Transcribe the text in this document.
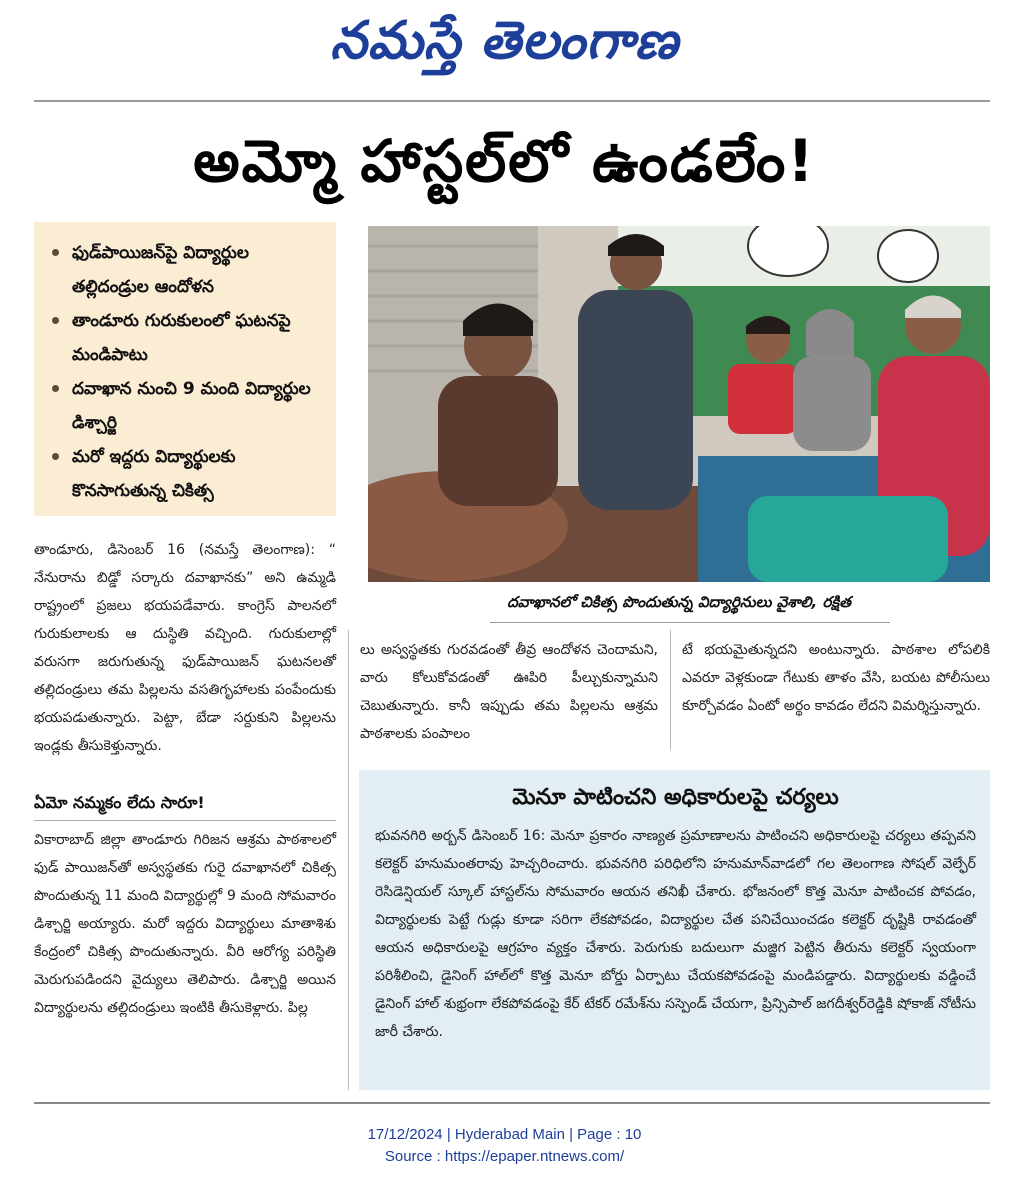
నమస్తే తెలంగాణ
అమ్మో హాస్టల్‌లో ఉండలేం!
ఫుడ్‌పాయిజన్‌పై విద్యార్థుల తల్లిదండ్రుల ఆందోళన
తాండూరు గురుకులంలో ఘటనపై మండిపాటు
దవాఖాన నుంచి 9 మంది విద్యార్థుల డిశ్చార్జి
మరో ఇద్దరు విద్యార్థులకు కొనసాగుతున్న చికిత్స
దవాఖానలో చికిత్స పొందుతున్న విద్యార్థినులు వైశాలి, రక్షిత
తాండూరు, డిసెంబర్ 16 (నమస్తే తెలంగాణ): “ నేనురాను బిడ్డో సర్కారు దవాఖానకు” అని ఉమ్మడి రాష్ట్రంలో ప్రజలు భయపడేవారు. కాంగ్రెస్ పాలనలో గురుకులాలకు ఆ దుస్థితి వచ్చింది. గురుకులాల్లో వరుసగా జరుగుతున్న ఫుడ్‌పాయిజన్ ఘటనలతో తల్లిదండ్రులు తమ పిల్లలను వసతిగృహాలకు పంపేందుకు భయపడుతున్నారు. పెట్టా, బేడా సర్దుకుని పిల్లలను ఇండ్లకు తీసుకెళ్తున్నారు.
ఏమో నమ్మకం లేదు సారూ!
వికారాబాద్ జిల్లా తాండూరు గిరిజన ఆశ్రమ పాఠశాలలో ఫుడ్ పాయిజన్‌తో అస్వస్థతకు గురై దవాఖానలో చికిత్స పొందుతున్న 11 మంది విద్యార్థుల్లో 9 మంది సోమవారం డిశ్చార్జి అయ్యారు. మరో ఇద్దరు విద్యార్థులు మాతాశిశు కేంద్రంలో చికిత్స పొందుతున్నారు. వీరి ఆరోగ్య పరిస్థితి మెరుగుపడిందని వైద్యులు తెలిపారు. డిశ్చార్జి అయిన విద్యార్థులను తల్లిదండ్రులు ఇంటికి తీసుకెళ్లారు. పిల్ల
లు అస్వస్థతకు గురవడంతో తీవ్ర ఆందోళన చెందామని, వారు కోలుకోవడంతో ఊపిరి పీల్చుకున్నామని చెబుతున్నారు. కానీ ఇప్పుడు తమ పిల్లలను ఆశ్రమ పాఠశాలకు పంపాలం
టే భయమైతున్నదని అంటున్నారు. పాఠశాల లోపలికి ఎవరూ వెళ్లకుండా గేటుకు తాళం వేసి, బయట పోలీసులు కూర్చోవడం ఏంటో అర్థం కావడం లేదని విమర్శిస్తున్నారు.
మెనూ పాటించని అధికారులపై చర్యలు
భువనగిరి అర్బన్ డిసెంబర్ 16: మెనూ ప్రకారం నాణ్యత ప్రమాణాలను పాటించని అధికారులపై చర్యలు తప్పవని కలెక్టర్ హనుమంతరావు హెచ్చరించారు. భువనగిరి పరిధిలోని హనుమాన్‌వాడలో గల తెలంగాణ సోషల్ వెల్ఫేర్ రెసిడెన్షియల్ స్కూల్ హాస్టల్‌ను సోమవారం ఆయన తనిఖీ చేశారు. భోజనంలో కొత్త మెనూ పాటించక పోవడం, విద్యార్థులకు పెట్టే గుడ్లు కూడా సరిగా లేకపోవడం, విద్యార్థుల చేత పనిచేయించడం కలెక్టర్ దృష్టికి రావడంతో ఆయన అధికారులపై ఆగ్రహం వ్యక్తం చేశారు. పెరుగుకు బదులుగా మజ్జిగ పెట్టిన తీరును కలెక్టర్ స్వయంగా పరిశీలించి, డైనింగ్ హాల్‌లో కొత్త మెనూ బోర్డు ఏర్పాటు చేయకపోవడంపై మండిపడ్డారు. విద్యార్థులకు వడ్డించే డైనింగ్ హాల్ శుభ్రంగా లేకపోవడంపై కేర్ టేకర్ రమేశ్‌ను సస్పెండ్ చేయగా, ప్రిన్సిపాల్ జగదీశ్వర్‌రెడ్డికి షోకాజ్ నోటీసు జారీ చేశారు.
17/12/2024 | Hyderabad Main | Page : 10
Source : https://epaper.ntnews.com/
